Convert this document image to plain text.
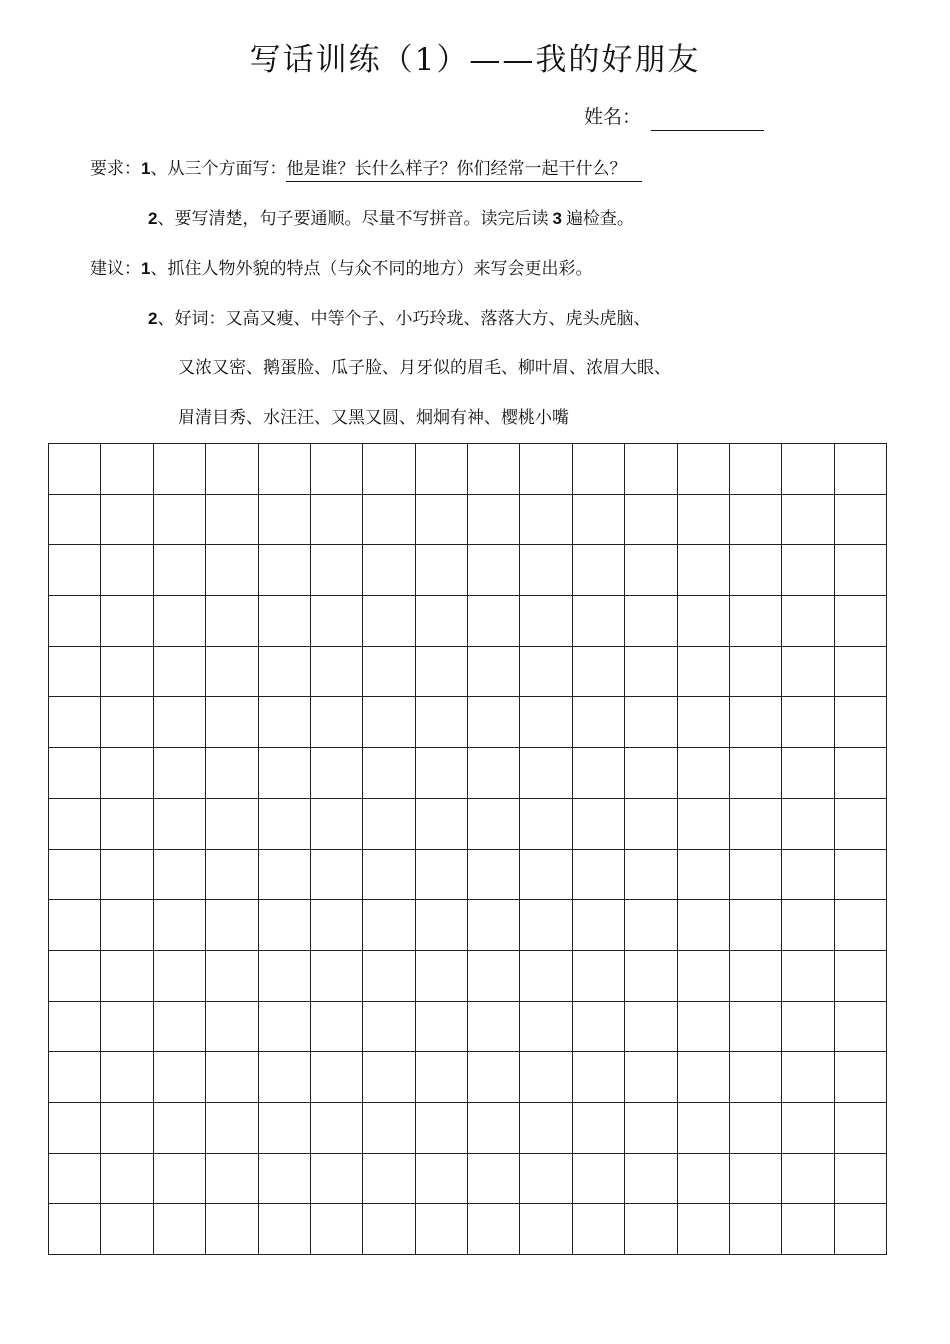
写话训练（1）——我的好朋友
姓名：
要求：1、从三个方面写：他是谁？长什么样子？你们经常一起干什么？
2、要写清楚，句子要通顺。尽量不写拼音。读完后读 3 遍检查。
建议：1、抓住人物外貌的特点（与众不同的地方）来写会更出彩。
2、好词：又高又瘦、中等个子、小巧玲珑、落落大方、虎头虎脑、
又浓又密、鹅蛋脸、瓜子脸、月牙似的眉毛、柳叶眉、浓眉大眼、
眉清目秀、水汪汪、又黑又圆、炯炯有神、樱桃小嘴
